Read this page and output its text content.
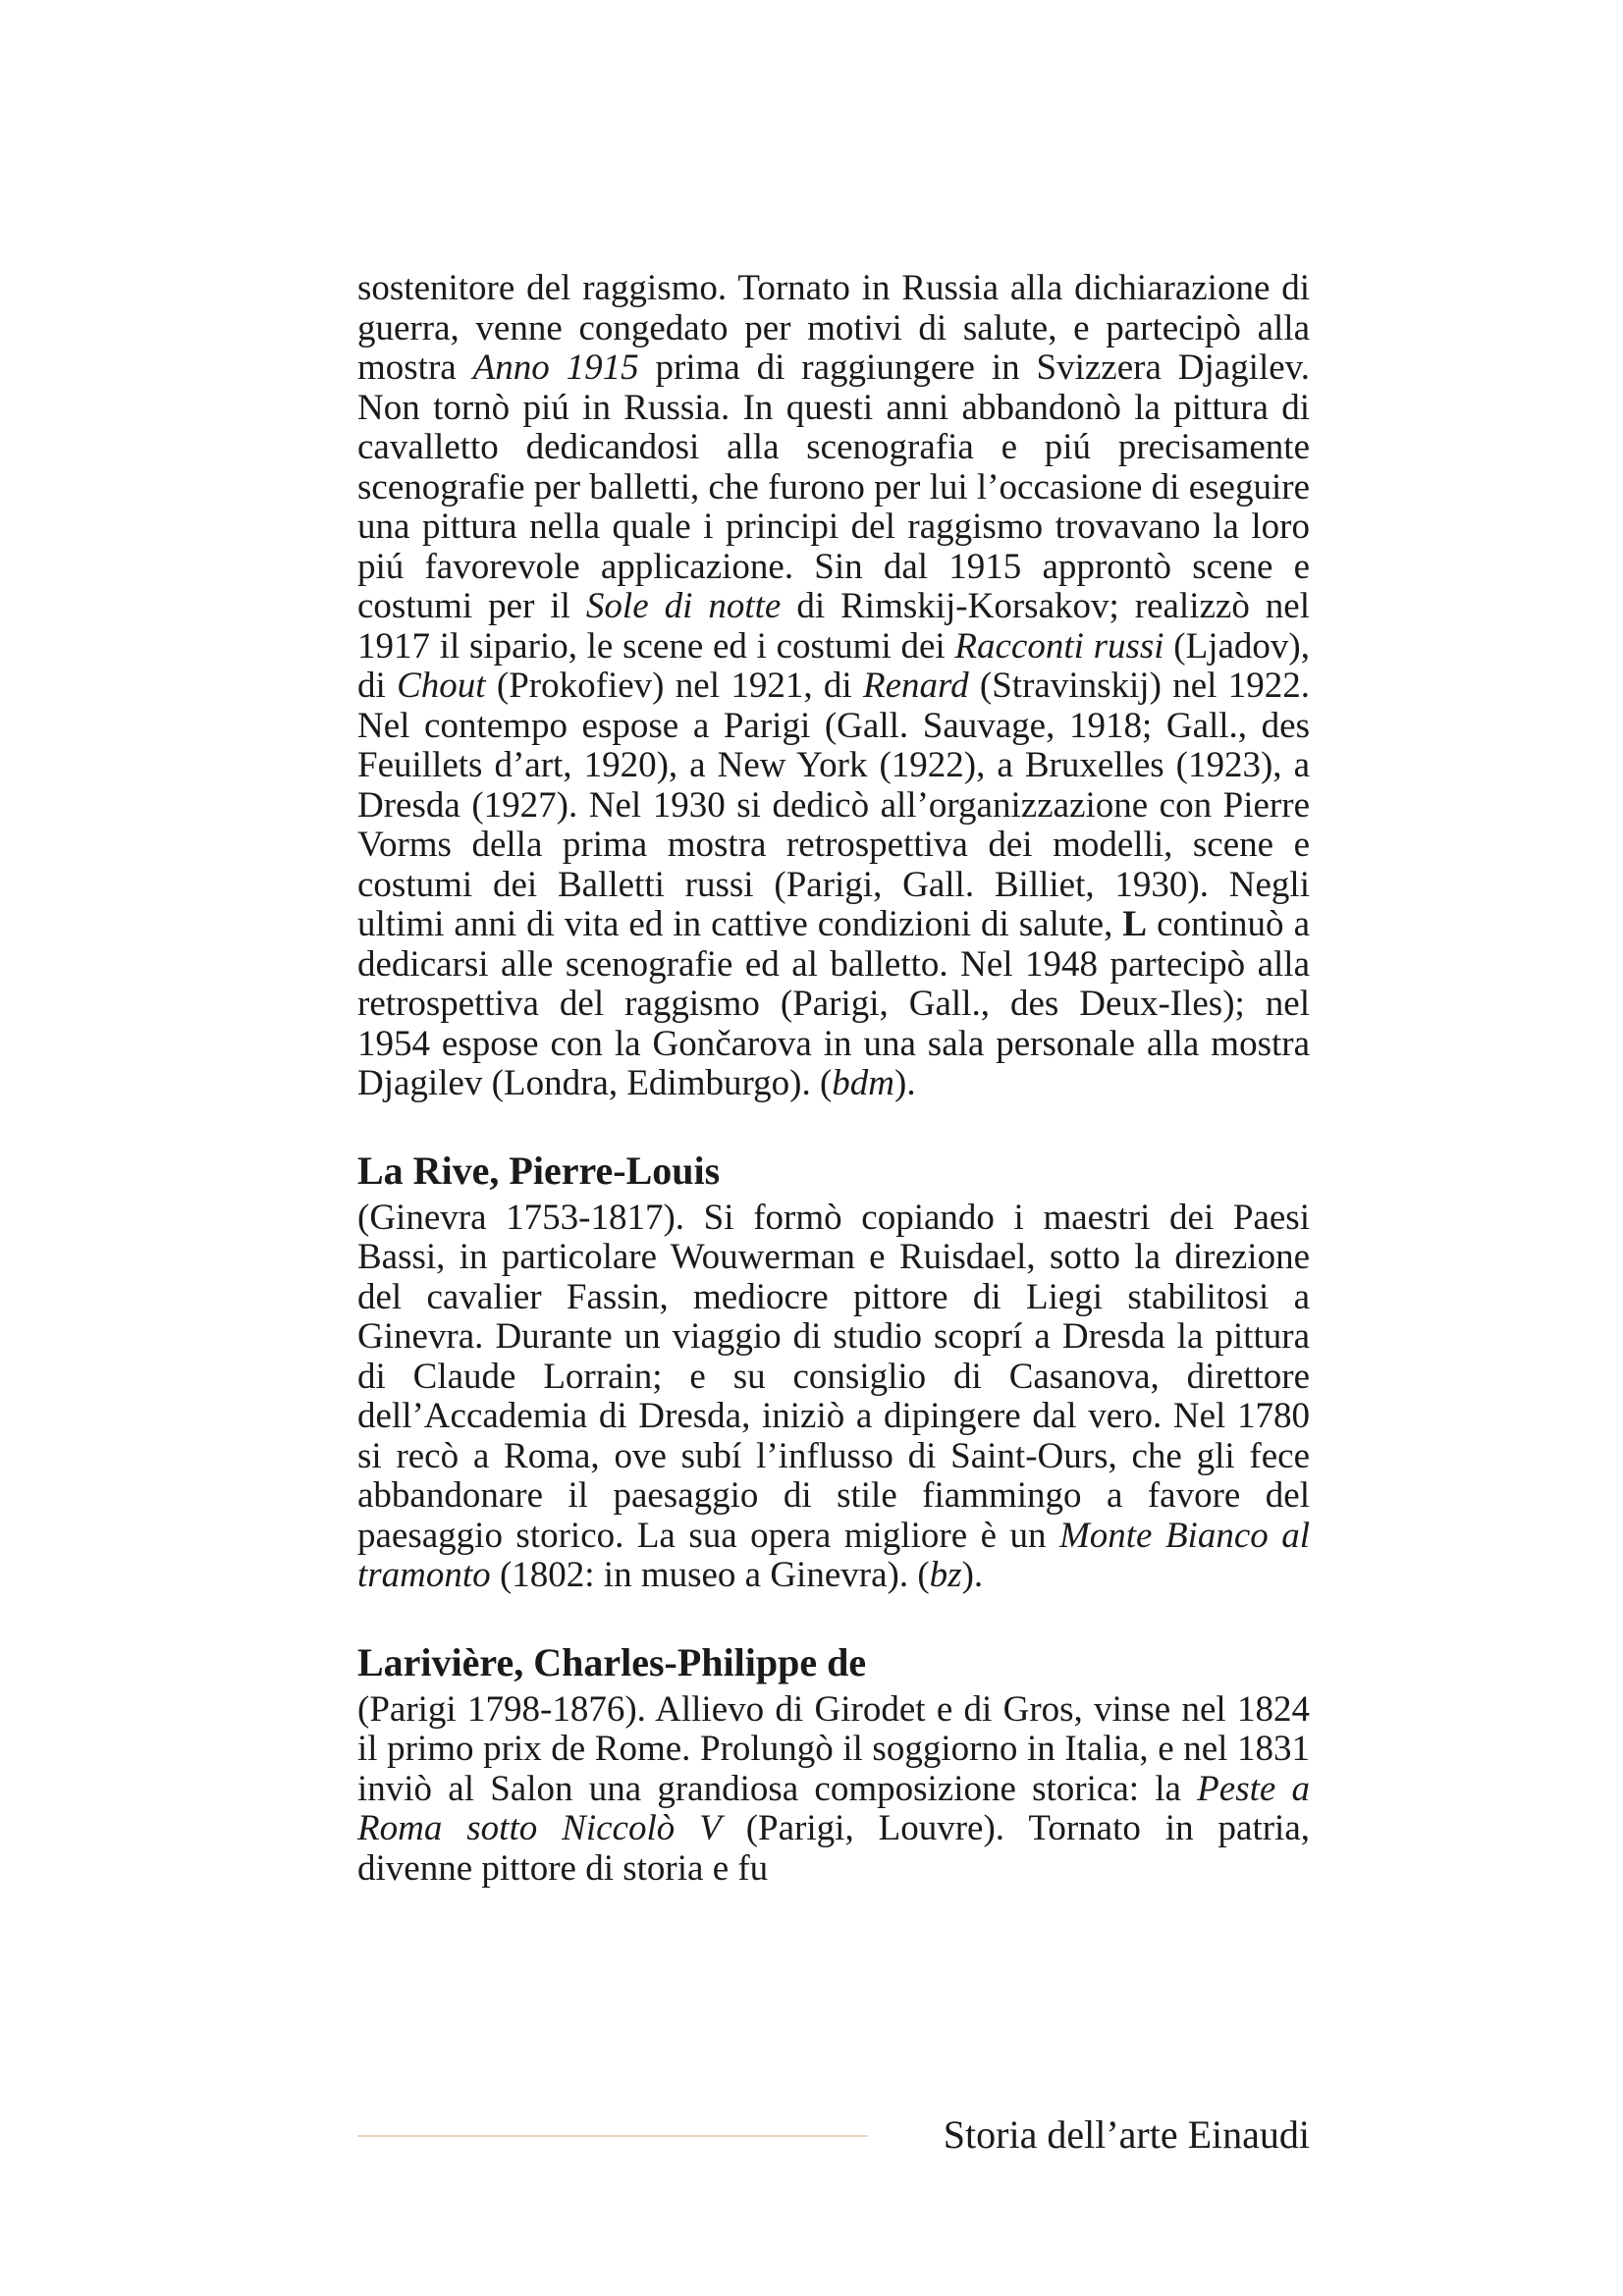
sostenitore del raggismo. Tornato in Russia alla dichiarazione di guerra, venne congedato per motivi di salute, e partecipò alla mostra Anno 1915 prima di raggiungere in Svizzera Djagilev. Non tornò piú in Russia. In questi anni abbandonò la pittura di cavalletto dedicandosi alla scenografia e piú precisamente scenografie per balletti, che furono per lui l’occasione di eseguire una pittura nella quale i principi del raggismo trovavano la loro piú favorevole applicazione. Sin dal 1915 approntò scene e costumi per il Sole di notte di Rimskij-Korsakov; realizzò nel 1917 il sipario, le scene ed i costumi dei Racconti russi (Ljadov), di Chout (Prokofiev) nel 1921, di Renard (Stravinskij) nel 1922. Nel contempo espose a Parigi (Gall. Sauvage, 1918; Gall., des Feuillets d’art, 1920), a New York (1922), a Bruxelles (1923), a Dresda (1927). Nel 1930 si dedicò all’organizzazione con Pierre Vorms della prima mostra retrospettiva dei modelli, scene e costumi dei Balletti russi (Parigi, Gall. Billiet, 1930). Negli ultimi anni di vita ed in cattive condizioni di salute, L continuò a dedicarsi alle scenografie ed al balletto. Nel 1948 partecipò alla retrospettiva del raggismo (Parigi, Gall., des Deux-Iles); nel 1954 espose con la Gončarova in una sala personale alla mostra Djagilev (Londra, Edimburgo). (bdm).

La Rive, Pierre-Louis

(Ginevra 1753-1817). Si formò copiando i maestri dei Paesi Bassi, in particolare Wouwerman e Ruisdael, sotto la direzione del cavalier Fassin, mediocre pittore di Liegi stabilitosi a Ginevra. Durante un viaggio di studio scoprí a Dresda la pittura di Claude Lorrain; e su consiglio di Casanova, direttore dell’Accademia di Dresda, iniziò a dipingere dal vero. Nel 1780 si recò a Roma, ove subí l’influsso di Saint-Ours, che gli fece abbandonare il paesaggio di stile fiammingo a favore del paesaggio storico. La sua opera migliore è un Monte Bianco al tramonto (1802: in museo a Ginevra). (bz).

Larivière, Charles-Philippe de

(Parigi 1798-1876). Allievo di Girodet e di Gros, vinse nel 1824 il primo prix de Rome. Prolungò il soggiorno in Italia, e nel 1831 inviò al Salon una grandiosa composizione storica: la Peste a Roma sotto Niccolò V (Parigi, Louvre). Tornato in patria, divenne pittore di storia e fu

Storia dell’arte Einaudi
